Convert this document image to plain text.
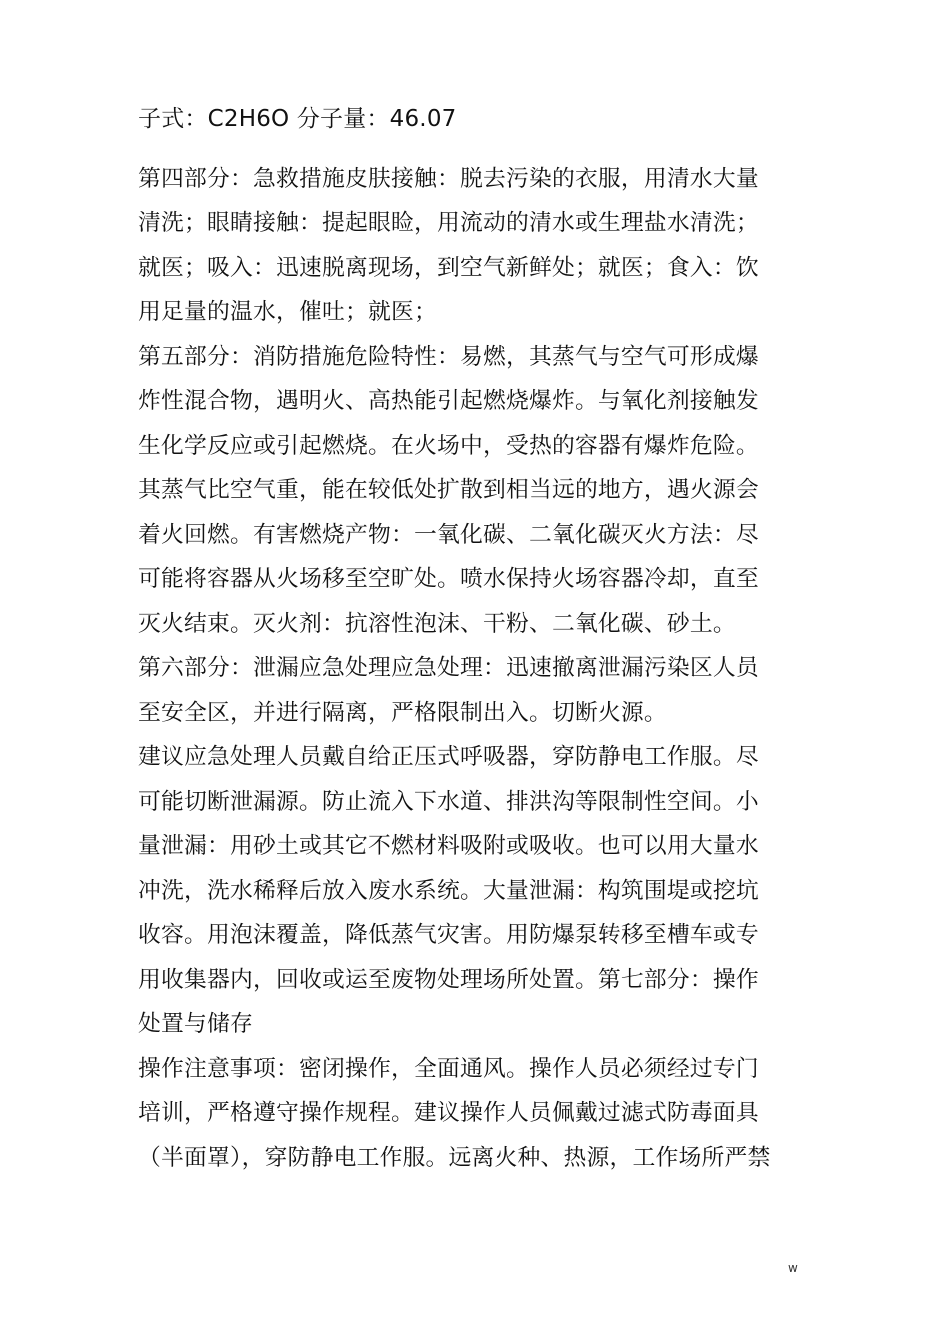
子式：C2H6O 分子量：46.07
第四部分：急救措施皮肤接触：脱去污染的衣服，用清水大量
清洗；眼睛接触：提起眼睑，用流动的清水或生理盐水清洗；
就医；吸入：迅速脱离现场，到空气新鲜处；就医；食入：饮
用足量的温水，催吐；就医；
第五部分：消防措施危险特性：易燃，其蒸气与空气可形成爆
炸性混合物，遇明火、高热能引起燃烧爆炸。与氧化剂接触发
生化学反应或引起燃烧。在火场中，受热的容器有爆炸危险。
其蒸气比空气重，能在较低处扩散到相当远的地方，遇火源会
着火回燃。有害燃烧产物：一氧化碳、二氧化碳灭火方法：尽
可能将容器从火场移至空旷处。喷水保持火场容器冷却，直至
灭火结束。灭火剂：抗溶性泡沫、干粉、二氧化碳、砂土。
第六部分：泄漏应急处理应急处理：迅速撤离泄漏污染区人员
至安全区，并进行隔离，严格限制出入。切断火源。
建议应急处理人员戴自给正压式呼吸器，穿防静电工作服。尽
可能切断泄漏源。防止流入下水道、排洪沟等限制性空间。小
量泄漏：用砂土或其它不燃材料吸附或吸收。也可以用大量水
冲洗，洗水稀释后放入废水系统。大量泄漏：构筑围堤或挖坑
收容。用泡沫覆盖，降低蒸气灾害。用防爆泵转移至槽车或专
用收集器内，回收或运至废物处理场所处置。第七部分：操作
处置与储存
操作注意事项：密闭操作，全面通风。操作人员必须经过专门
培训，严格遵守操作规程。建议操作人员佩戴过滤式防毒面具
（半面罩），穿防静电工作服。远离火种、热源，工作场所严禁
w
